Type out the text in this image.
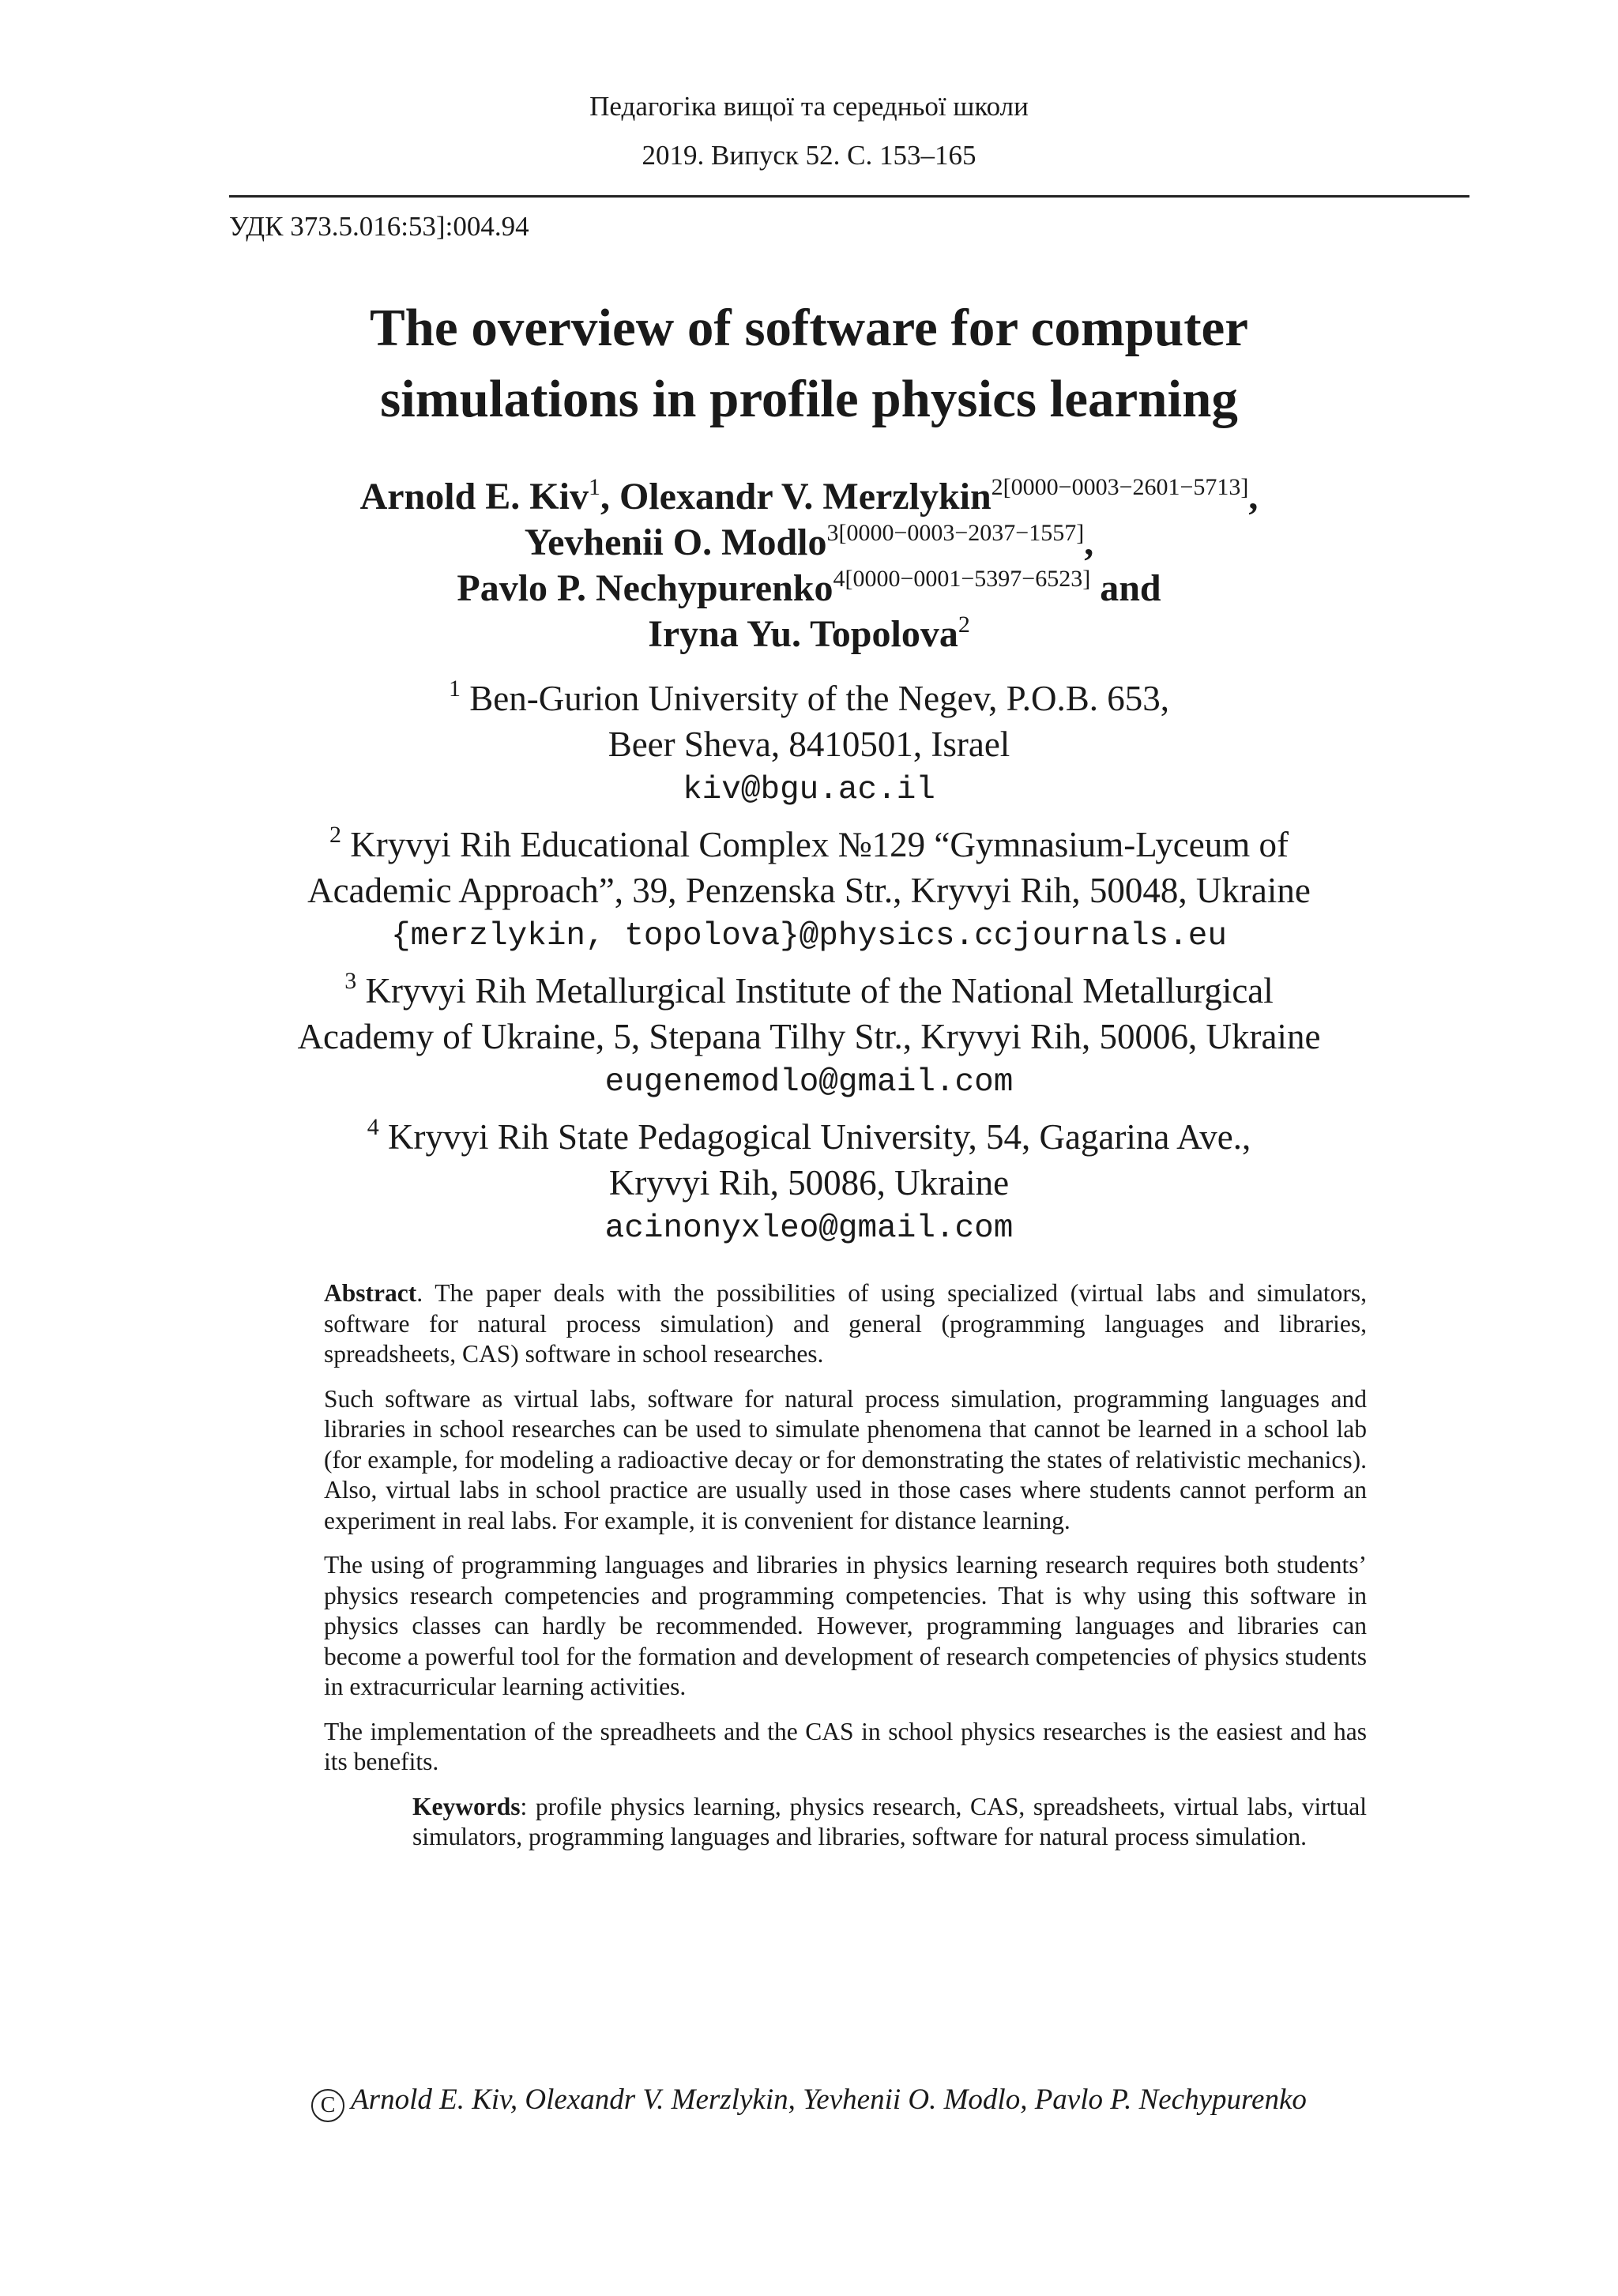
Педагогіка вищої та середньої школи
2019. Випуск 52. С. 153–165
УДК 373.5.016:53]:004.94
The overview of software for computer
simulations in profile physics learning
Arnold E. Kiv$^1$, Olexandr V. Merzlykin$^{2[0000-0003-2601-5713]}$,
Yevhenii O. Modlo$^{3[0000-0003-2037-1557]}$,
Pavlo P. Nechypurenko$^{4[0000-0001-5397-6523]}$ and
Iryna Yu. Topolova$^2$
$^1$ Ben-Gurion University of the Negev, P.O.B. 653,
Beer Sheva, 8410501, Israel
kiv@bgu.ac.il
$^2$ Kryvyi Rih Educational Complex №129 “Gymnasium-Lyceum of
Academic Approach”, 39, Penzenska Str., Kryvyi Rih, 50048, Ukraine
{merzlykin, topolova}@physics.ccjournals.eu
$^3$ Kryvyi Rih Metallurgical Institute of the National Metallurgical
Academy of Ukraine, 5, Stepana Tilhy Str., Kryvyi Rih, 50006, Ukraine
eugenemodlo@gmail.com
$^4$ Kryvyi Rih State Pedagogical University, 54, Gagarina Ave.,
Kryvyi Rih, 50086, Ukraine
acinonyxleo@gmail.com

Abstract. The paper deals with the possibilities of using specialized (virtual labs and simulators, software for natural process simulation) and general (programming languages and libraries, spreadsheets, CAS) software in school researches.

Such software as virtual labs, software for natural process simulation, programming languages and libraries in school researches can be used to simulate phenomena that cannot be learned in a school lab (for example, for modeling a radioactive decay or for demonstrating the states of relativistic mechanics). Also, virtual labs in school practice are usually used in those cases where students cannot perform an experiment in real labs. For example, it is convenient for distance learning.

The using of programming languages and libraries in physics learning research requires both students’ physics research competencies and programming competencies. That is why using this software in physics classes can hardly be recommended. However, programming languages and libraries can become a powerful tool for the formation and development of research competencies of physics students in extracurricular learning activities.

The implementation of the spreadheets and the CAS in school physics researches is the easiest and has its benefits.

Keywords: profile physics learning, physics research, CAS, spreadsheets, virtual labs, virtual simulators, programming languages and libraries, software for natural process simulation.

C Arnold E. Kiv, Olexandr V. Merzlykin, Yevhenii O. Modlo, Pavlo P. Nechypurenko
